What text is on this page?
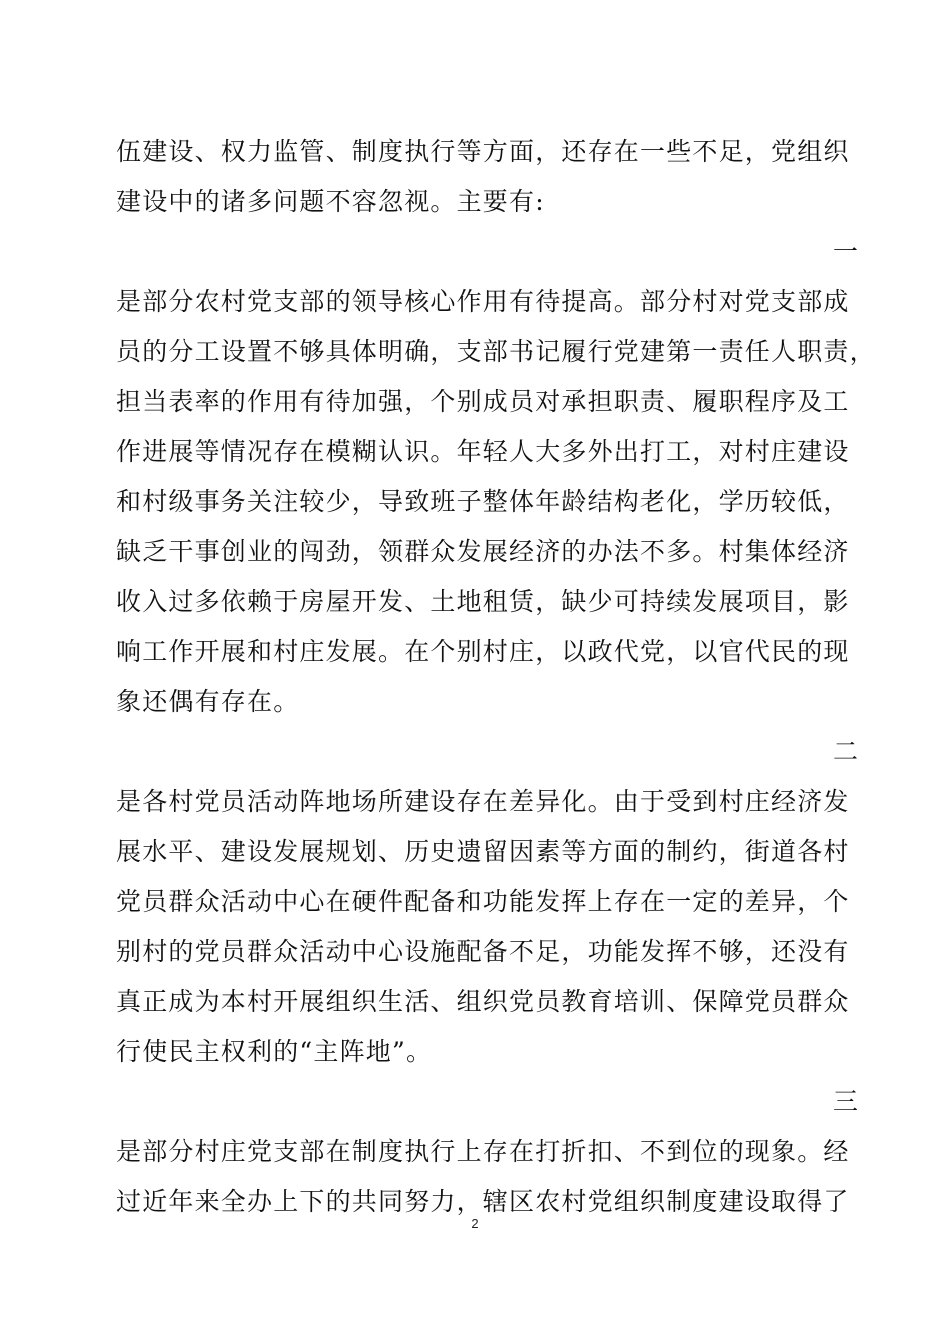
伍建设、权力监管、制度执行等方面，还存在一些不足，党组织
建设中的诸多问题不容忽视。主要有:
一
是部分农村党支部的领导核心作用有待提高。部分村对党支部成
员的分工设置不够具体明确，支部书记履行党建第一责任人职责，
担当表率的作用有待加强，个别成员对承担职责、履职程序及工
作进展等情况存在模糊认识。年轻人大多外出打工，对村庄建设
和村级事务关注较少，导致班子整体年龄结构老化，学历较低，
缺乏干事创业的闯劲，领群众发展经济的办法不多。村集体经济
收入过多依赖于房屋开发、土地租赁，缺少可持续发展项目，影
响工作开展和村庄发展。在个别村庄，以政代党，以官代民的现
象还偶有存在。
二
是各村党员活动阵地场所建设存在差异化。由于受到村庄经济发
展水平、建设发展规划、历史遗留因素等方面的制约，街道各村
党员群众活动中心在硬件配备和功能发挥上存在一定的差异，个
别村的党员群众活动中心设施配备不足，功能发挥不够，还没有
真正成为本村开展组织生活、组织党员教育培训、保障党员群众
行使民主权利的“主阵地”。
三
是部分村庄党支部在制度执行上存在打折扣、不到位的现象。经
过近年来全办上下的共同努力，辖区农村党组织制度建设取得了
2
